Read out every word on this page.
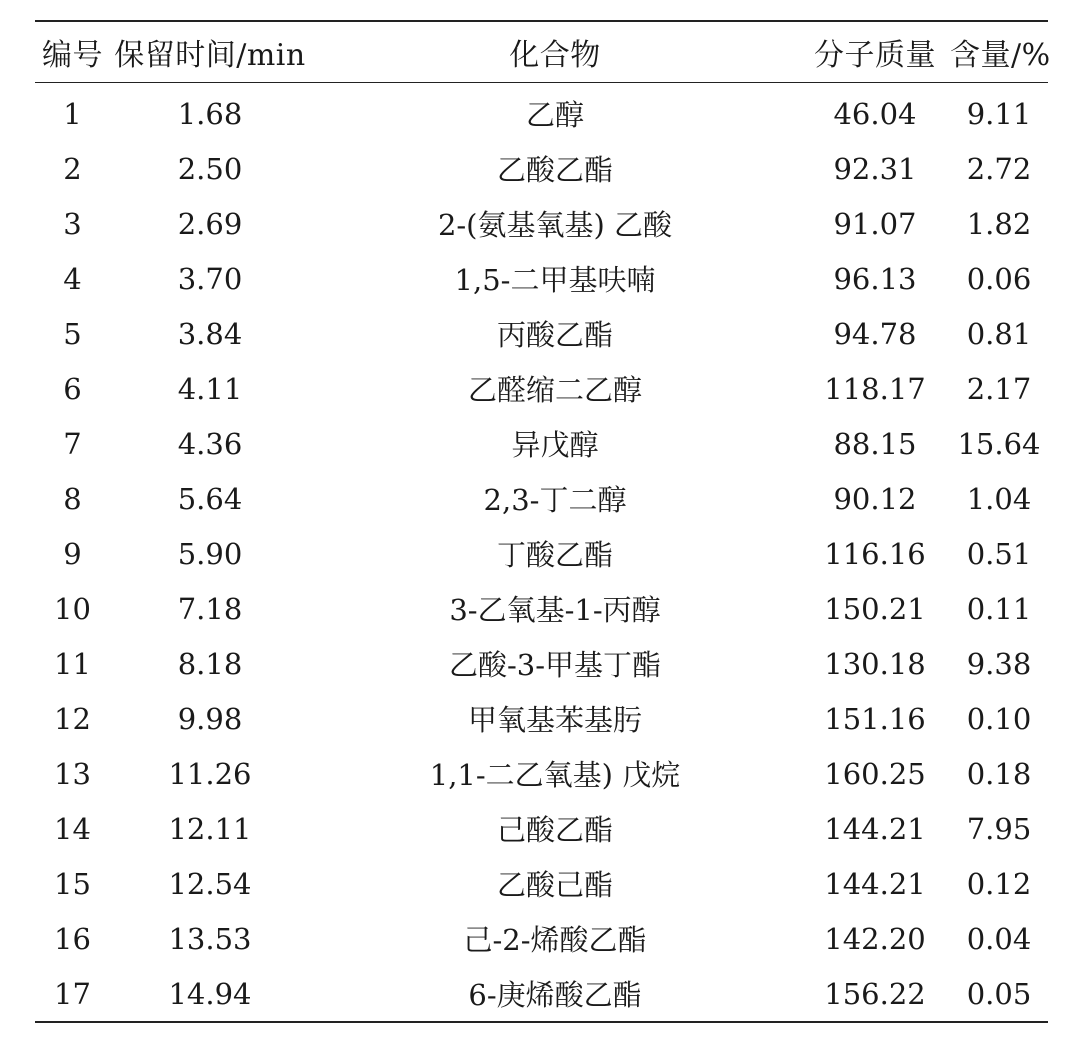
编号	保留时间/min	化合物	分子质量	含量/%
1	1.68	乙醇	46.04	9.11
2	2.50	乙酸乙酯	92.31	2.72
3	2.69	2-(氨基氧基) 乙酸	91.07	1.82
4	3.70	1,5-二甲基呋喃	96.13	0.06
5	3.84	丙酸乙酯	94.78	0.81
6	4.11	乙醛缩二乙醇	118.17	2.17
7	4.36	异戊醇	88.15	15.64
8	5.64	2,3-丁二醇	90.12	1.04
9	5.90	丁酸乙酯	116.16	0.51
10	7.18	3-乙氧基-1-丙醇	150.21	0.11
11	8.18	乙酸-3-甲基丁酯	130.18	9.38
12	9.98	甲氧基苯基肟	151.16	0.10
13	11.26	1,1-二乙氧基) 戊烷	160.25	0.18
14	12.11	己酸乙酯	144.21	7.95
15	12.54	乙酸己酯	144.21	0.12
16	13.53	己-2-烯酸乙酯	142.20	0.04
17	14.94	6-庚烯酸乙酯	156.22	0.05
